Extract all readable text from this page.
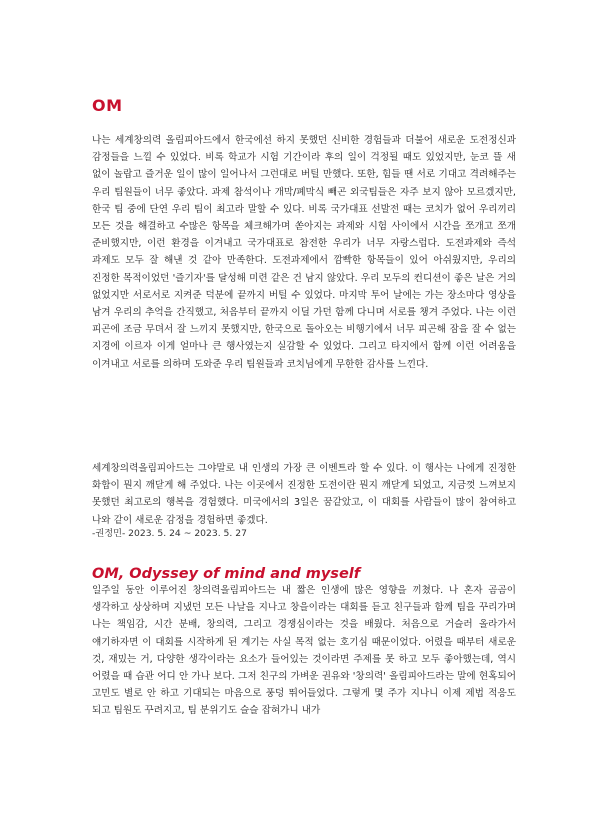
OM
나는 세계창의력 올림피아드에서 한국에선 하지 못했던 신비한 경험들과 더불어 새로운 도전정신과 감정들을 느낄 수 있었다. 비록 학교가 시험 기간이라 후의 일이 걱정될 때도 있었지만, 눈코 뜰 새 없이 놀랍고 즐거운 일이 많이 일어나서 그런대로 버틸 만했다. 또한, 힘들 땐 서로 기대고 격려해주는 우리 팀원들이 너무 좋았다. 과제 참석이나 개막/폐막식 빼곤 외국팀들은 자주 보지 않아 모르겠지만, 한국 팀 중에 단연 우리 팀이 최고라 말할 수 있다. 비록 국가대표 선발전 때는 코치가 없어 우리끼리 모든 것을 해결하고 수많은 항목을 체크해가며 쏟아지는 과제와 시험 사이에서 시간을 쪼개고 쪼개 준비했지만, 이런 환경을 이겨내고 국가대표로 참전한 우리가 너무 자랑스럽다. 도전과제와 즉석 과제도 모두 잘 해낸 것 같아 만족한다. 도전과제에서 깜빡한 항목들이 있어 아쉬웠지만, 우리의 진정한 목적이었던 '즐기자'를 달성해 미련 같은 건 남지 않았다. 우리 모두의 컨디션이 좋은 날은 거의 없었지만 서로서로 지켜준 덕분에 끝까지 버틸 수 있었다. 마지막 투어 날에는 가는 장소마다 영상을 남겨 우리의 추억을 간직했고, 처음부터 끝까지 이딜 가던 함께 다니며 서로를 챙겨 주었다. 나는 이런 피곤에 조금 무뎌서 잘 느끼지 못했지만, 한국으로 돌아오는 비행기에서 너무 피곤해 잠을 잘 수 없는 지경에 이르자 이게 얼마나 큰 행사였는지 실감할 수 있었다. 그리고 타지에서 함께 이런 어려움을 이겨내고 서로를 의하며 도와준 우리 팀원들과 코치님에게 무한한 감사를 느낀다.
세계창의력올림피아드는 그야말로 내 인생의 가장 큰 이벤트라 할 수 있다. 이 행사는 나에게 진정한 화합이 뭔지 깨닫게 해 주었다. 나는 이곳에서 진정한 도전이란 뭔지 깨닫게 되었고, 지금껏 느껴보지 못했던 최고로의 행복을 경험했다. 미국에서의 3일은 꿈같았고, 이 대회를 사람들이 많이 참여하고 나와 같이 새로운 감정을 경험하면 좋겠다.
-권정민- 2023. 5. 24 ~ 2023. 5. 27
OM, Odyssey of mind and myself
일주일 동안 이루어진 창의력올림피아드는 내 짧은 인생에 많은 영향을 끼쳤다. 나 혼자 곰곰이 생각하고 상상하며 지냈던 모든 나날을 지나고 창을이라는 대회를 듣고 친구들과 함께 팀을 꾸리가며 나는 책임감, 시간 분배, 창의력, 그리고 경쟁심이라는 것을 배웠다. 처음으로 거슬러 올라가서 얘기하자면 이 대회를 시작하게 된 계기는 사실 목적 없는 호기심 때문이었다. 어렸을 때부터 새로운 것, 재밌는 거, 다양한 생각이라는 요소가 들어있는 것이라면 주제를 못 하고 모두 좋아했는데, 역시 어렸을 때 습관 어디 안 가나 보다. 그저 친구의 가벼운 권유와 '창의력' 올림피아드라는 말에 현혹되어 고민도 별로 안 하고 기대되는 마음으로 풍덩 뛰어들었다. 그렇게 몇 주가 지나니 이제 제법 적응도 되고 팀원도 꾸려지고, 팀 분위기도 슬슬 잡혀가니 내가
